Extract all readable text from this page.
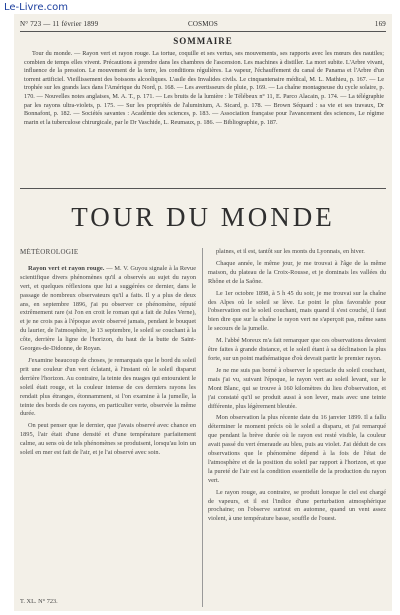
Le-Livre.com
N° 723 — 11 février 1899	COSMOS	169
SOMMAIRE

Tour du monde. — Rayon vert et rayon rouge. La tortue, coquille et ses vertus, ses mouvements, ses rapports avec les mœurs des nautiles; combien de temps elles vivent. Précautions à prendre dans les chambres de l'ascension. Les machines à distiller. La mort subite. L'Arbre vivant, influence de la pression. Le mouvement de la terre, les conditions régulières. La vapeur, l'échauffement du canal de Panama et l'Arbre d'un torrent artificiel. Vieillissement des boissons alcooliques. L'asile des Invalides civils. Le cinquantenaire médical, M. L. Mathieu, p. 167. — Le trophée sur les grands lacs dans l'Amérique du Nord, p. 168. — Les avertisseurs de pluie, p. 169. — La chaîne montagneuse du cycle solaire, p. 170. — Nouvelles notes anglaises, M. A. T., p. 171. — Les bruits de la lumière : le Télébeux n° 11, E. Parco Alacain, p. 174. — La télégraphie par les rayons ultra-violets, p. 175. — Sur les propriétés de l'aluminium, A. Sicard, p. 178. — Brown Séquard : sa vie et ses travaux, Dr Bonnafont, p. 182. — Sociétés savantes : Académie des sciences, p. 183. — Association française pour l'avancement des sciences, Le régime marin et la tuberculose chirurgicale, par le Dr Vaschide, L. Reumaux, p. 186. — Bibliographie, p. 187.

TOUR DU MONDE
MÉTÉOROLOGIE

Rayon vert et rayon rouge. — M. V. Guyou signale à la Revue scientifique divers phénomènes qu'il a observés au sujet du rayon vert, et quelques réflexions que lui a suggérées ce dernier, dans le passage de nombreux observateurs qu'il a faits. Il y a plus de deux ans, en septembre 1896, j'ai pu observer ce phénomène, réputé extrêmement rare (si l'on en croit le roman qui a fait de Jules Verne), et je ne crois pas à l'époque avoir observé jamais, pendant le bouquet du laurier, de l'atmosphère, le 13 septembre, le soleil se couchant à la côte, derrière la ligne de l'horizon, du haut de la butte de Saint-Georges-de-Didonne, de Royan.

J'examine beaucoup de choses, je remarquais que le bord du soleil prit une couleur d'un vert éclatant, à l'instant où le soleil disparut derrière l'horizon. Au contraire, la teinte des nuages qui entouraient le soleil était rouge, et la couleur intense de ces derniers rayons les rendait plus étranges, étonnamment, si l'on examine à la jumelle, la teinte des bords de ces rayons, en particulier verte, observée la même durée.

On peut penser que le dernier, que j'avais observé avec chance en 1895, l'air était d'une densité et d'une température parfaitement calme, au sens où de tels phénomènes se produisent, lorsqu'au loin un soleil en mer est fait de l'air, et je l'ai observé avec soin.

T. XL. N° 723.

plaines, et il est, tantôt sur les monts du Lyonnais, en hiver.

Chaque année, le même jour, je me trouvai à l'âge de la même maison, du plateau de la Croix-Rousse, et je dominais les vallées du Rhône et de la Saône.

Le 1er octobre 1898, à 5 h 45 du soir, je me trouvai sur la chaîne des Alpes où le soleil se lève. Le point le plus favorable pour l'observation est le soleil couchant, mais quand il s'est couché, il faut bien dire que sur la chaîne le rayon vert ne s'aperçoit pas, même sans le secours de la jumelle.

M. l'abbé Moreux m'a fait remarquer que ces observations devaient être faites à grande distance, et le soleil étant à sa déclinaison la plus forte, sur un point mathématique d'où devrait partir le premier rayon.

Je ne me suis pas borné à observer le spectacle du soleil couchant, mais j'ai vu, suivant l'époque, le rayon vert au soleil levant, sur le Mont Blanc, qui se trouve à 160 kilomètres du lieu d'observation, et j'ai constaté qu'il se produit aussi à son lever, mais avec une teinte différente, plus légèrement bleutée.

Mon observation la plus récente date du 16 janvier 1899. Il a fallu déterminer le moment précis où le soleil a disparu, et j'ai remarqué que pendant la brève durée où le rayon est resté visible, la couleur avait passé du vert émeraude au bleu, puis au violet. J'ai déduit de ces observations que le phénomène dépend à la fois de l'état de l'atmosphère et de la position du soleil par rapport à l'horizon, et que la pureté de l'air est la condition essentielle de la production du rayon vert.

Le rayon rouge, au contraire, se produit lorsque le ciel est chargé de vapeurs, et il est l'indice d'une perturbation atmosphérique prochaine; on l'observe surtout en automne, quand un vent assez violent, à une température basse, souffle de l'ouest.
